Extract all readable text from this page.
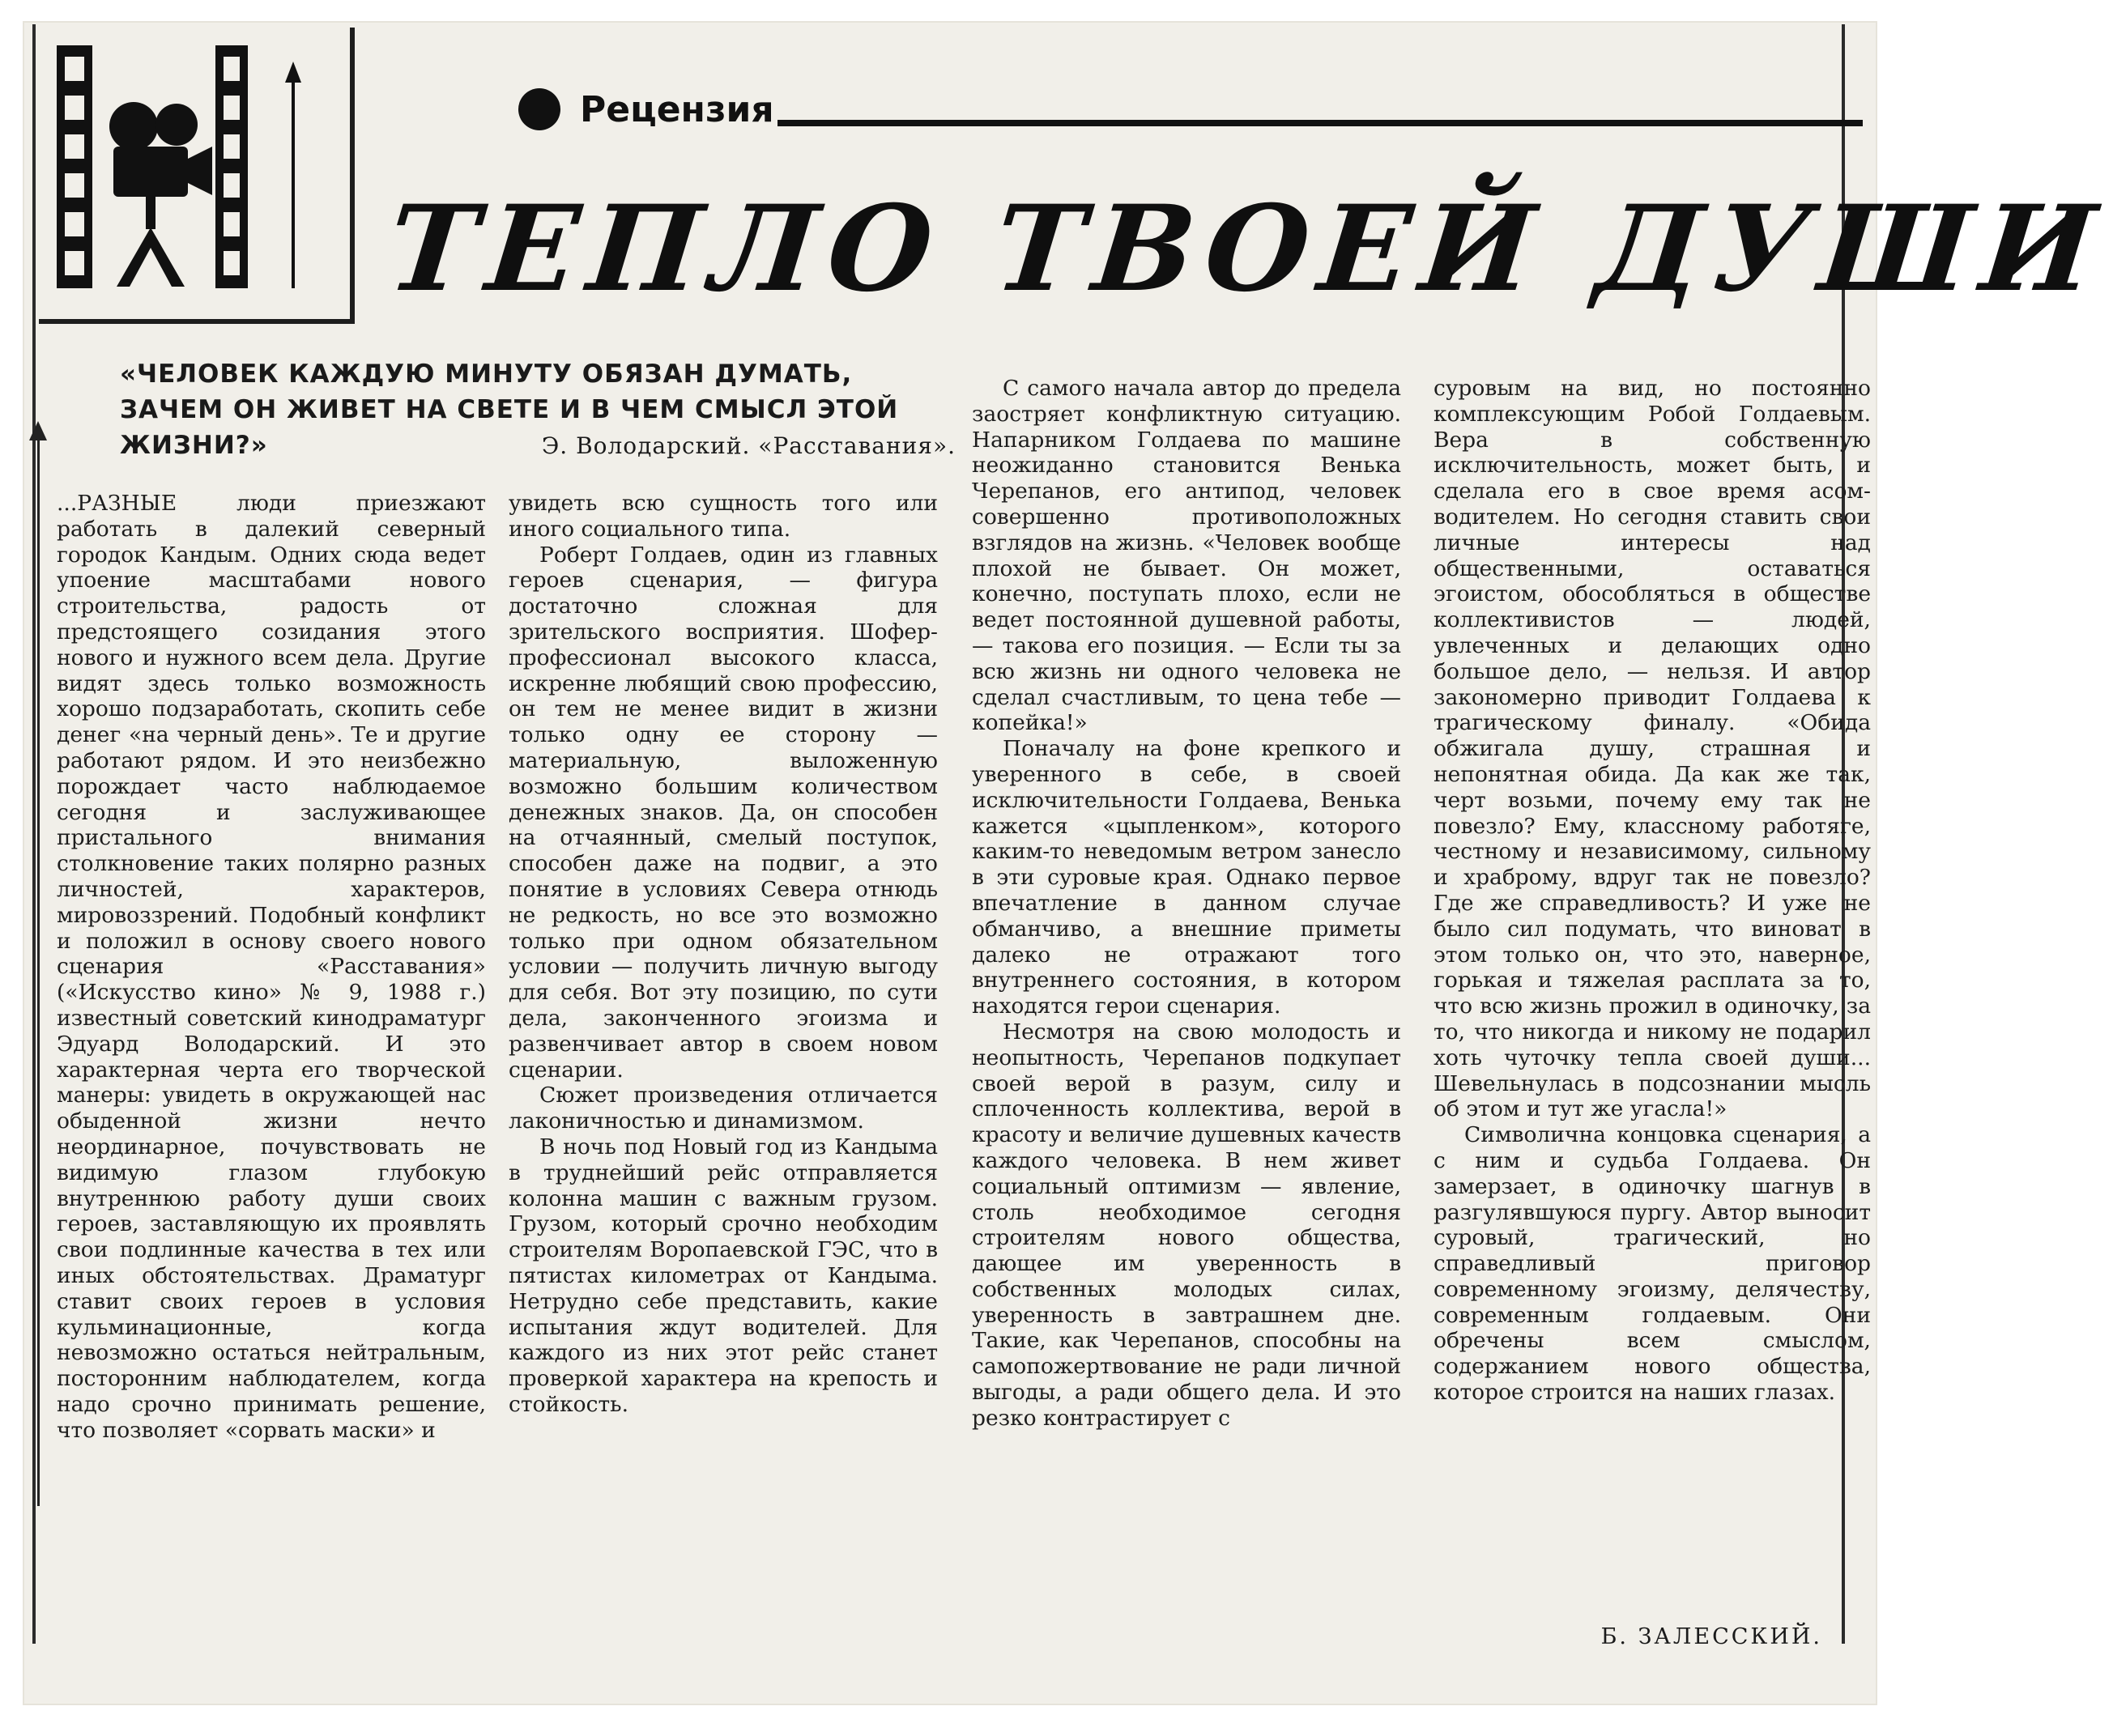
Рецензия
ТЕПЛО ТВОЕЙ ДУШИ
«ЧЕЛОВЕК КАЖДУЮ МИНУТУ ОБЯЗАН ДУМАТЬ, ЗАЧЕМ ОН ЖИВЕТ НА СВЕТЕ И В ЧЕМ СМЫСЛ ЭТОЙ ЖИЗНИ?»	Э. Володарский. «Расставания».

...РАЗНЫЕ люди приезжают работать в далекий северный городок Кандым. Одних сюда ведет упоение масштабами нового строительства, радость от предстоящего созидания этого нового и нужного всем дела. Другие видят здесь только возможность хорошо подзаработать, скопить себе денег «на черный день». Те и другие работают рядом. И это неизбежно порождает часто наблюдаемое сегодня и заслуживающее пристального внимания столкновение таких полярно разных личностей, характеров, мировоззрений. Подобный конфликт и положил в основу своего нового сценария «Расставания» («Искусство кино» № 9, 1988 г.) известный советский кинодраматург Эдуард Володарский. И это характерная черта его творческой манеры: увидеть в окружающей нас обыденной жизни нечто неординарное, почувствовать не видимую глазом глубокую внутреннюю работу души своих героев, заставляющую их проявлять свои подлинные качества в тех или иных обстоятельствах. Драматург ставит своих героев в условия кульминационные, когда невозможно остаться нейтральным, посторонним наблюдателем, когда надо срочно принимать решение, что позволяет «сорвать маски» и

увидеть всю сущность того или иного социального типа.

Роберт Голдаев, один из главных героев сценария, — фигура достаточно сложная для зрительского восприятия. Шофер-профессионал высокого класса, искренне любящий свою профессию, он тем не менее видит в жизни только одну ее сторону — материальную, выложенную возможно большим количеством денежных знаков. Да, он способен на отчаянный, смелый поступок, способен даже на подвиг, а это понятие в условиях Севера отнюдь не редкость, но все это возможно только при одном обязательном условии — получить личную выгоду для себя. Вот эту позицию, по сути дела, законченного эгоизма и развенчивает автор в своем новом сценарии.

Сюжет произведения отличается лаконичностью и динамизмом.

В ночь под Новый год из Кандыма в труднейший рейс отправляется колонна машин с важным грузом. Грузом, который срочно необходим строителям Воропаевской ГЭС, что в пятистах километрах от Кандыма. Нетрудно себе представить, какие испытания ждут водителей. Для каждого из них этот рейс станет проверкой характера на крепость и стойкость.

С самого начала автор до предела заостряет конфликтную ситуацию. Напарником Голдаева по машине неожиданно становится Венька Черепанов, его антипод, человек совершенно противоположных взглядов на жизнь. «Человек вообще плохой не бывает. Он может, конечно, поступать плохо, если не ведет постоянной душевной работы, — такова его позиция. — Если ты за всю жизнь ни одного человека не сделал счастливым, то цена тебе — копейка!»

Поначалу на фоне крепкого и уверенного в себе, в своей исключительности Голдаева, Венька кажется «цыпленком», которого каким-то неведомым ветром занесло в эти суровые края. Однако первое впечатление в данном случае обманчиво, а внешние приметы далеко не отражают того внутреннего состояния, в котором находятся герои сценария.

Несмотря на свою молодость и неопытность, Черепанов подкупает своей верой в разум, силу и сплоченность коллектива, верой в красоту и величие душевных качеств каждого человека. В нем живет социальный оптимизм — явление, столь необходимое сегодня строителям нового общества, дающее им уверенность в собственных молодых силах, уверенность в завтрашнем дне. Такие, как Черепанов, способны на самопожертвование не ради личной выгоды, а ради общего дела. И это резко контрастирует с

суровым на вид, но постоянно комплексующим Робой Голдаевым. Вера в собственную исключительность, может быть, и сделала его в свое время асом-водителем. Но сегодня ставить свои личные интересы над общественными, оставаться эгоистом, обособляться в обществе коллективистов — людей, увлеченных и делающих одно большое дело, — нельзя. И автор закономерно приводит Голдаева к трагическому финалу. «Обида обжигала душу, страшная и непонятная обида. Да как же так, черт возьми, почему ему так не повезло? Ему, классному работяге, честному и независимому, сильному и храброму, вдруг так не повезло? Где же справедливость? И уже не было сил подумать, что виноват в этом только он, что это, наверное, горькая и тяжелая расплата за то, что всю жизнь прожил в одиночку, за то, что никогда и никому не подарил хоть чуточку тепла своей души... Шевельнулась в подсознании мысль об этом и тут же угасла!»

Символична концовка сценария, а с ним и судьба Голдаева. Он замерзает, в одиночку шагнув в разгулявшуюся пургу. Автор выносит суровый, трагический, но справедливый приговор современному эгоизму, делячеству, современным голдаевым. Они обречены всем смыслом, содержанием нового общества, которое строится на наших глазах.

Б. ЗАЛЕССКИЙ.
